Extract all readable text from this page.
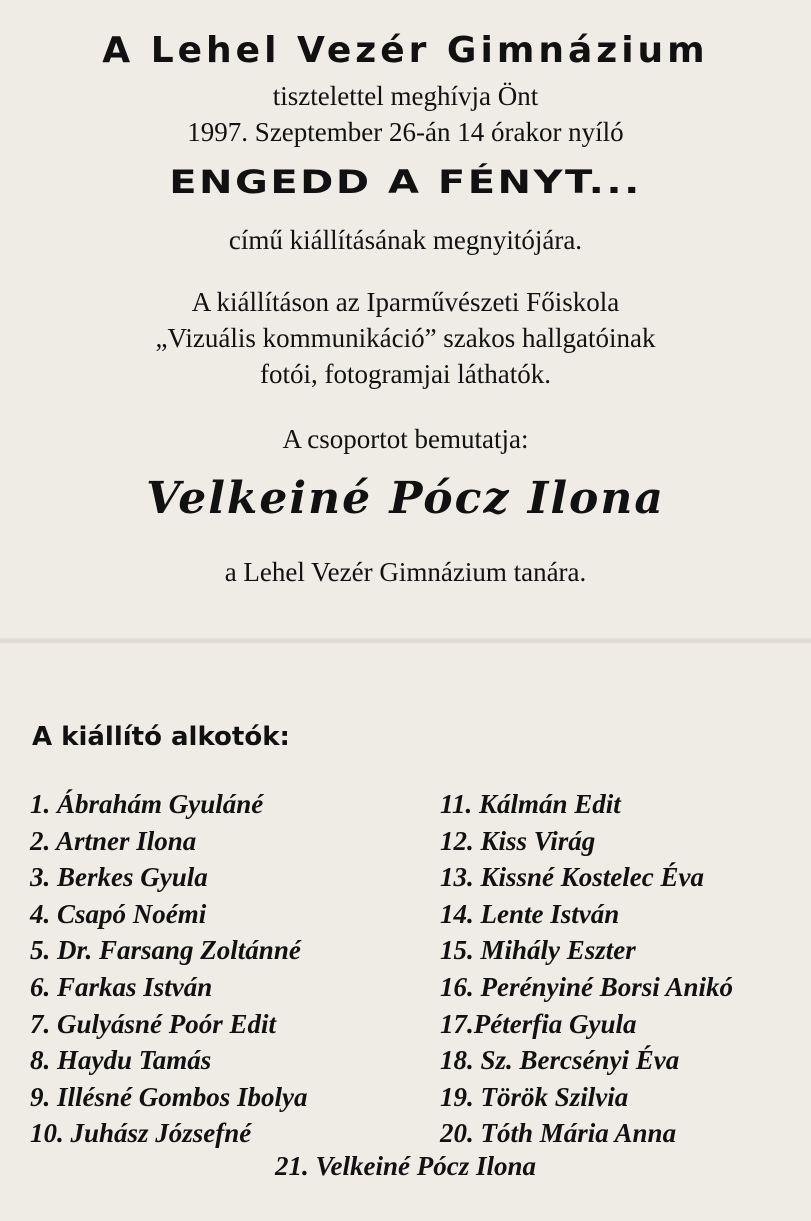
A Lehel Vezér Gimnázium
tisztelettel meghívja Önt
1997. Szeptember 26-án 14 órakor nyíló
ENGEDD A FÉNYT...
című kiállításának megnyitójára.
A kiállításon az Iparművészeti Főiskola
„Vizuális kommunikáció” szakos hallgatóinak
fotói, fotogramjai láthatók.
A csoportot bemutatja:
Velkeiné Pócz Ilona
a Lehel Vezér Gimnázium tanára.
A kiállító alkotók:
1. Ábrahám Gyuláné
2. Artner Ilona
3. Berkes Gyula
4. Csapó Noémi
5. Dr. Farsang Zoltánné
6. Farkas István
7. Gulyásné Poór Edit
8. Haydu Tamás
9. Illésné Gombos Ibolya
10. Juhász Józsefné
11. Kálmán Edit
12. Kiss Virág
13. Kissné Kostelec Éva
14. Lente István
15. Mihály Eszter
16. Perényiné Borsi Anikó
17.Péterfia Gyula
18. Sz. Bercsényi Éva
19. Török Szilvia
20. Tóth Mária Anna
21. Velkeiné Pócz Ilona
